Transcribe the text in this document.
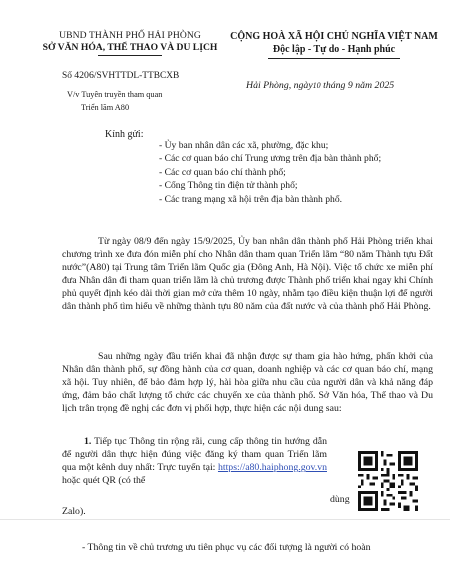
UBND THÀNH PHỐ HẢI PHÒNG
SỞ VĂN HÓA, THỂ THAO VÀ DU LỊCH
CỘNG HOÀ XÃ HỘI CHỦ NGHĨA VIỆT NAM
Độc lập - Tự do - Hạnh phúc
Số 4206/SVHTTDL-TTBCXB
V/v Tuyên truyền tham quan
Triển lãm A80
Hải Phòng, ngày10 tháng 9 năm 2025
Kính gửi:
- Ủy ban nhân dân các xã, phường, đặc khu;
- Các cơ quan báo chí Trung ương trên địa bàn thành phố;
- Các cơ quan báo chí thành phố;
- Cổng Thông tin điện tử thành phố;
- Các trang mạng xã hội trên địa bàn thành phố.

Từ ngày 08/9 đến ngày 15/9/2025, Ủy ban nhân dân thành phố Hải Phòng triển khai chương trình xe đưa đón miễn phí cho Nhân dân tham quan Triển lãm “80 năm Thành tựu Đất nước”(A80) tại Trung tâm Triển lãm Quốc gia (Đông Anh, Hà Nội). Việc tổ chức xe miễn phí đưa Nhân dân đi tham quan triển lãm là chủ trương được Thành phố triển khai ngay khi Chính phủ quyết định kéo dài thời gian mở cửa thêm 10 ngày, nhằm tạo điều kiện thuận lợi để người dân thành phố tìm hiểu về những thành tựu 80 năm của đất nước và của thành phố Hải Phòng.

Sau những ngày đầu triển khai đã nhận được sự tham gia hào hứng, phấn khởi của Nhân dân thành phố, sự đồng hành của cơ quan, doanh nghiệp và các cơ quan báo chí, mạng xã hội. Tuy nhiên, để bảo đảm hợp lý, hài hòa giữa nhu cầu của người dân và khả năng đáp ứng, đảm bảo chất lượng tổ chức các chuyến xe của thành phố. Sở Văn hóa, Thể thao và Du lịch trân trọng đề nghị các đơn vị phối hợp, thực hiện các nội dung sau:

1. Tiếp tục Thông tin rộng rãi, cung cấp thông tin hướng dẫn để người dân thực hiện đúng việc đăng ký tham quan Triển lãm qua một kênh duy nhất: Trực tuyến tại: https://a80.haiphong.gov.vn hoặc quét QR (có thể

Zalo).
dùng
- Thông tin về chủ trương ưu tiên phục vụ các đối tượng là người có hoàn
